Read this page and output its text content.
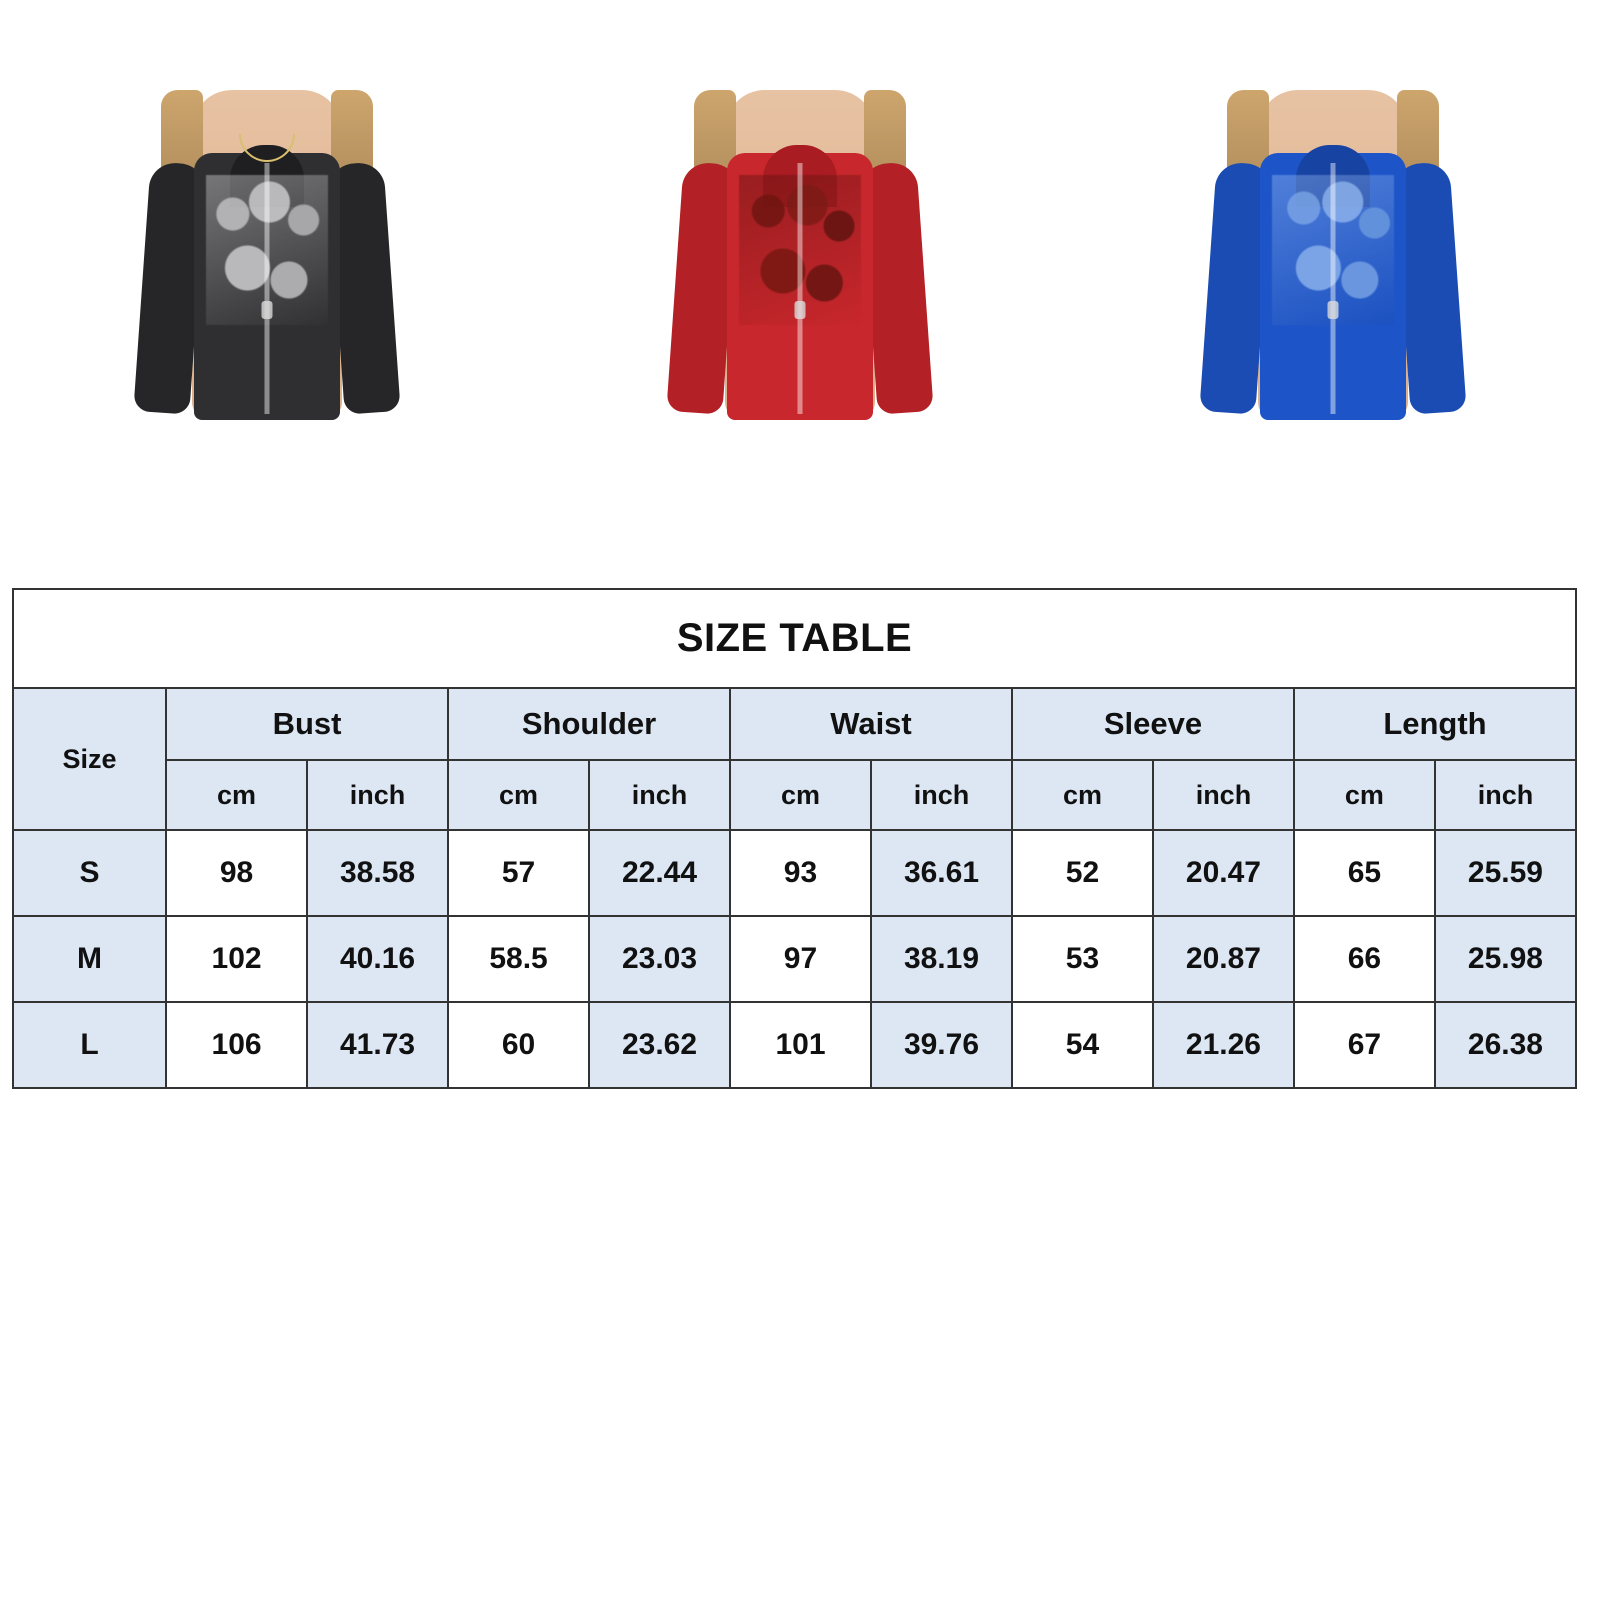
SIZE TABLE										
Size	Bust		Shoulder		Waist		Sleeve		Length	
	cm	inch	cm	inch	cm	inch	cm	inch	cm	inch
S	98	38.58	57	22.44	93	36.61	52	20.47	65	25.59
M	102	40.16	58.5	23.03	97	38.19	53	20.87	66	25.98
L	106	41.73	60	23.62	101	39.76	54	21.26	67	26.38
